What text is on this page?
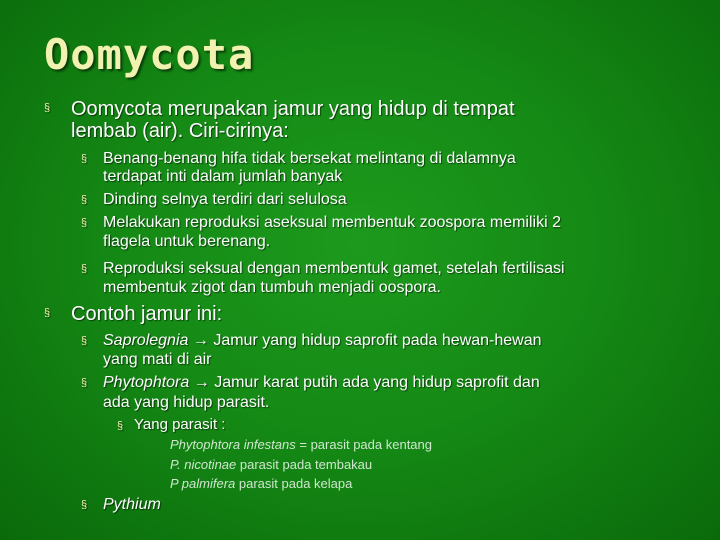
Oomycota
§ Oomycota merupakan jamur yang hidup di tempat
lembab (air). Ciri-cirinya:
§ Benang-benang hifa tidak bersekat melintang di dalamnya
terdapat inti dalam jumlah banyak
§ Dinding selnya terdiri dari selulosa
§ Melakukan reproduksi aseksual membentuk zoospora memiliki 2
flagela untuk berenang.
§ Reproduksi seksual dengan membentuk gamet, setelah fertilisasi
membentuk zigot dan tumbuh menjadi oospora.
§ Contoh jamur ini:
§ Saprolegnia → Jamur yang hidup saprofit pada hewan-hewan
yang mati di air
§ Phytophtora → Jamur karat putih ada yang hidup saprofit dan
ada yang hidup parasit.
§ Yang parasit :
Phytophtora infestans = parasit pada kentang
P. nicotinae parasit pada tembakau
P palmifera parasit pada kelapa
§ Pythium
